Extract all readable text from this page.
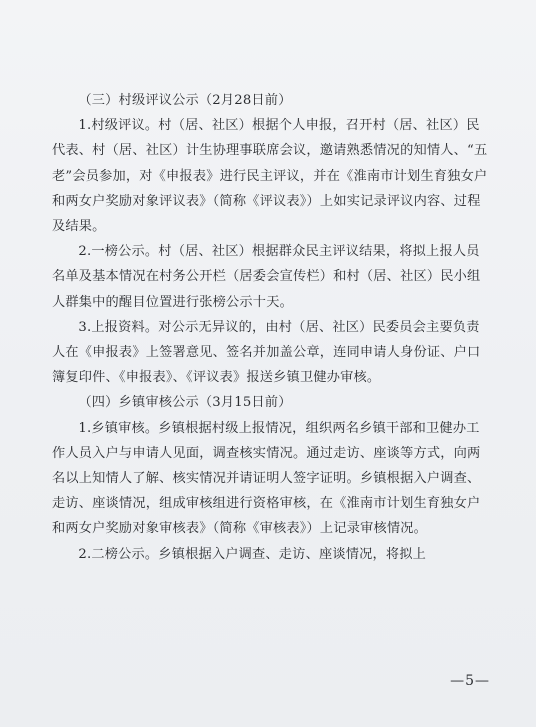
（三）村级评议公示（2月28日前）

1.村级评议。村（居、社区）根据个人申报，召开村（居、社区）民代表、村（居、社区）计生协理事联席会议，邀请熟悉情况的知情人、“五老”会员参加，对《申报表》进行民主评议，并在《淮南市计划生育独女户和两女户奖励对象评议表》（简称《评议表》）上如实记录评议内容、过程及结果。

2.一榜公示。村（居、社区）根据群众民主评议结果，将拟上报人员名单及基本情况在村务公开栏（居委会宣传栏）和村（居、社区）民小组人群集中的醒目位置进行张榜公示十天。

3.上报资料。对公示无异议的，由村（居、社区）民委员会主要负责人在《申报表》上签署意见、签名并加盖公章，连同申请人身份证、户口簿复印件、《申报表》、《评议表》报送乡镇卫健办审核。

（四）乡镇审核公示（3月15日前）

1.乡镇审核。乡镇根据村级上报情况，组织两名乡镇干部和卫健办工作人员入户与申请人见面，调查核实情况。通过走访、座谈等方式，向两名以上知情人了解、核实情况并请证明人签字证明。乡镇根据入户调查、走访、座谈情况，组成审核组进行资格审核，在《淮南市计划生育独女户和两女户奖励对象审核表》（简称《审核表》）上记录审核情况。

2.二榜公示。乡镇根据入户调查、走访、座谈情况，将拟上

—5—
